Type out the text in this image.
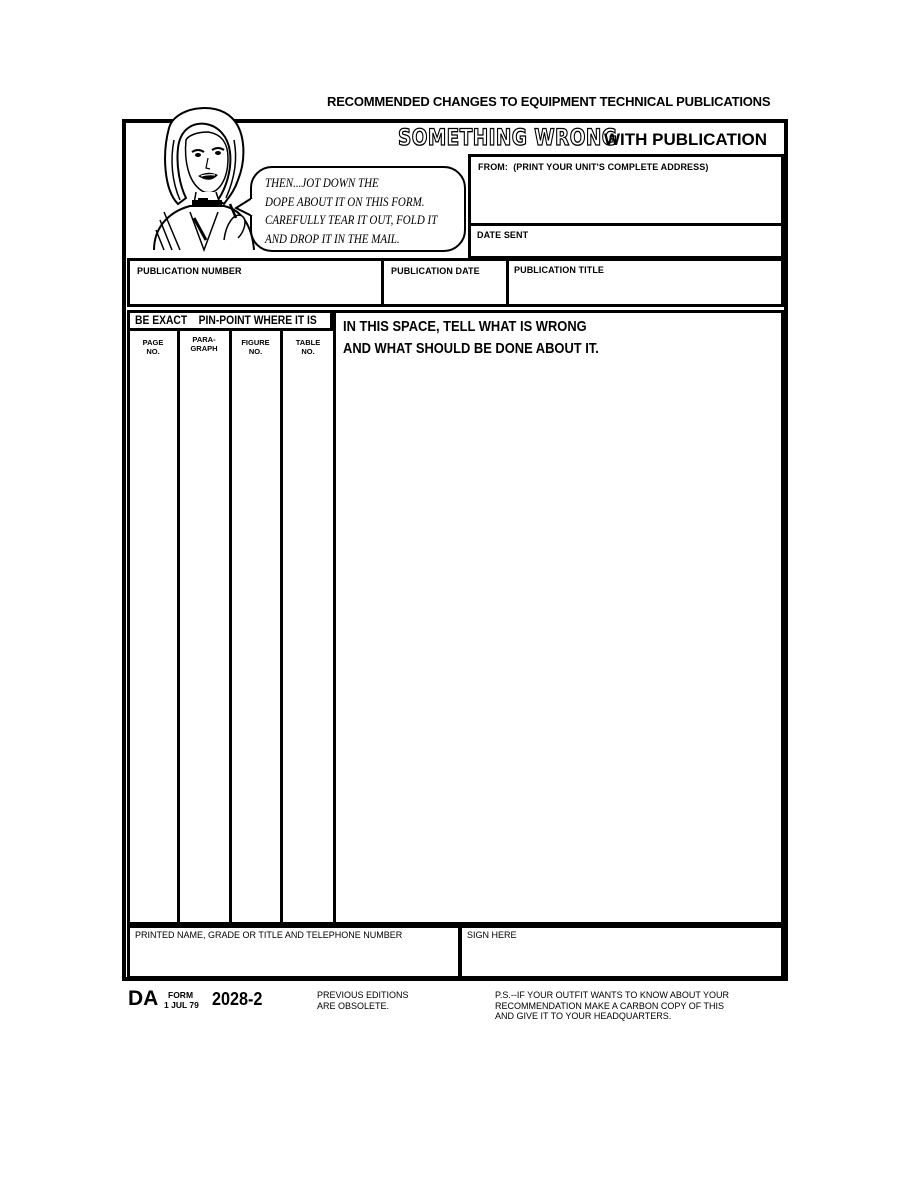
RECOMMENDED CHANGES TO EQUIPMENT TECHNICAL PUBLICATIONS
THEN...JOT DOWN THE
DOPE ABOUT IT ON THIS FORM.
CAREFULLY TEAR IT OUT, FOLD IT
AND DROP IT IN THE MAIL.
SOMETHING WRONG
WITH PUBLICATION
FROM: (PRINT YOUR UNIT'S COMPLETE ADDRESS)
DATE SENT
PUBLICATION NUMBER	PUBLICATION DATE	PUBLICATION TITLE
BE EXACT    PIN-POINT WHERE IT IS
PAGE
NO.
PARA-
GRAPH
FIGURE
NO.
TABLE
NO.
IN THIS SPACE, TELL WHAT IS WRONG
AND WHAT SHOULD BE DONE ABOUT IT.
PRINTED NAME, GRADE OR TITLE AND TELEPHONE NUMBER	SIGN HERE
DA FORM
1 JUL 79 2028-2	PREVIOUS EDITIONS
ARE OBSOLETE.
P.S.--IF YOUR OUTFIT WANTS TO KNOW ABOUT YOUR
RECOMMENDATION MAKE A CARBON COPY OF THIS
AND GIVE IT TO YOUR HEADQUARTERS.
